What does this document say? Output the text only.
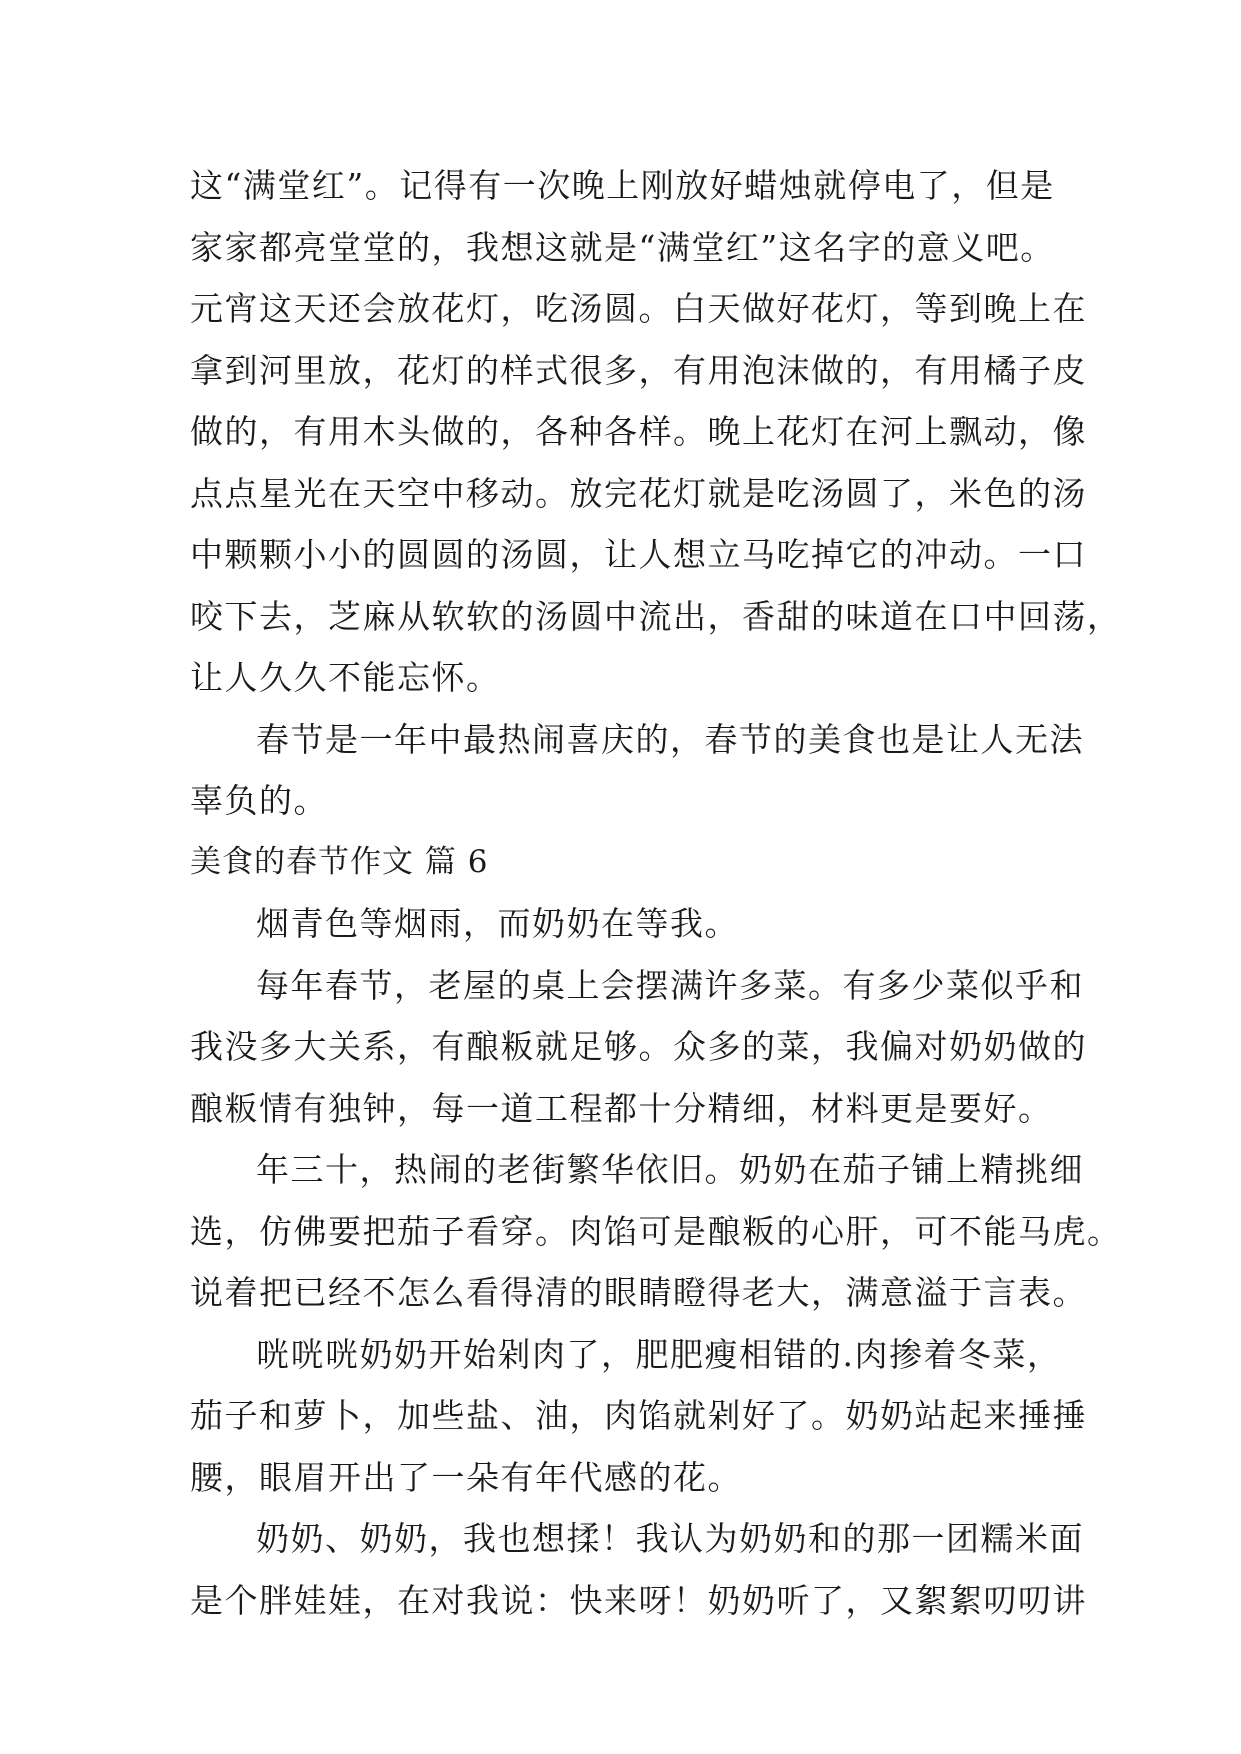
这“满堂红”。记得有一次晚上刚放好蜡烛就停电了，但是
家家都亮堂堂的，我想这就是“满堂红”这名字的意义吧。
元宵这天还会放花灯，吃汤圆。白天做好花灯，等到晚上在
拿到河里放，花灯的样式很多，有用泡沫做的，有用橘子皮
做的，有用木头做的，各种各样。晚上花灯在河上飘动，像
点点星光在天空中移动。放完花灯就是吃汤圆了，米色的汤
中颗颗小小的圆圆的汤圆，让人想立马吃掉它的冲动。一口
咬下去，芝麻从软软的汤圆中流出，香甜的味道在口中回荡，
让人久久不能忘怀。
春节是一年中最热闹喜庆的，春节的美食也是让人无法
辜负的。
美食的春节作文 篇 6
烟青色等烟雨，而奶奶在等我。
每年春节，老屋的桌上会摆满许多菜。有多少菜似乎和
我没多大关系，有酿粄就足够。众多的菜，我偏对奶奶做的
酿粄情有独钟，每一道工程都十分精细，材料更是要好。
年三十，热闹的老街繁华依旧。奶奶在茄子铺上精挑细
选，仿佛要把茄子看穿。肉馅可是酿粄的心肝，可不能马虎。
说着把已经不怎么看得清的眼睛瞪得老大，满意溢于言表。
咣咣咣奶奶开始剁肉了，肥肥瘦相错的.肉掺着冬菜，
茄子和萝卜，加些盐、油，肉馅就剁好了。奶奶站起来捶捶
腰，眼眉开出了一朵有年代感的花。
奶奶、奶奶，我也想揉！我认为奶奶和的那一团糯米面
是个胖娃娃，在对我说：快来呀！奶奶听了，又絮絮叨叨讲
